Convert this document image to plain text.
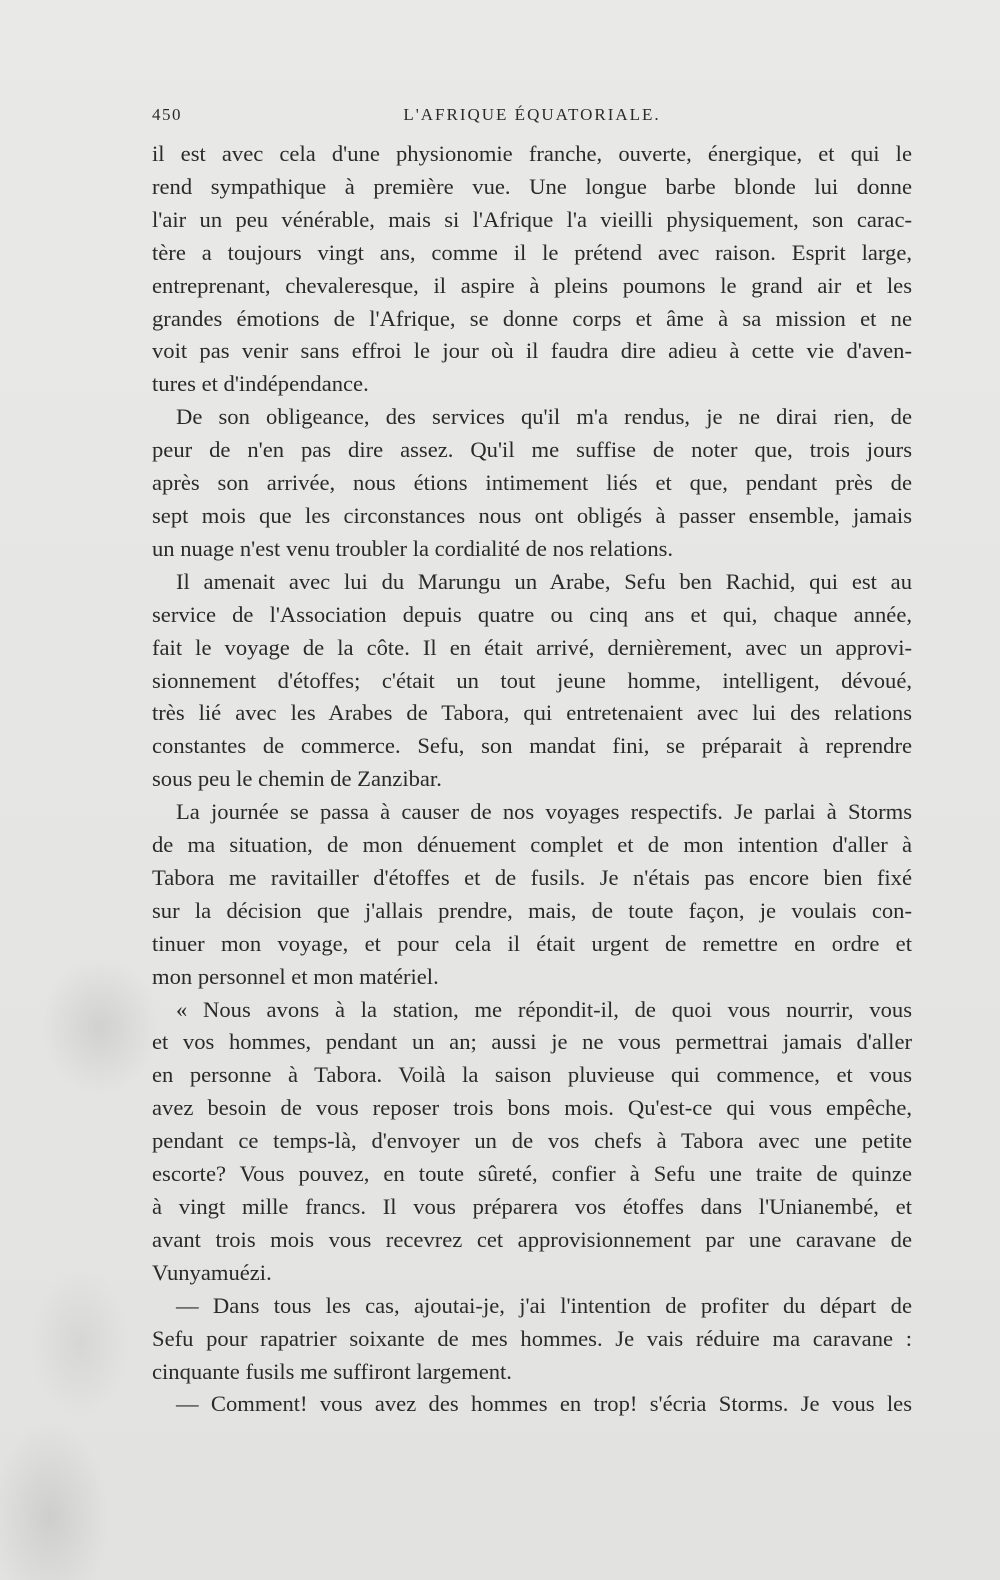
450	L'AFRIQUE ÉQUATORIALE.
il est avec cela d'une physionomie franche, ouverte, énergique, et qui le
rend sympathique à première vue. Une longue barbe blonde lui donne
l'air un peu vénérable, mais si l'Afrique l'a vieilli physiquement, son carac-
tère a toujours vingt ans, comme il le prétend avec raison. Esprit large,
entreprenant, chevaleresque, il aspire à pleins poumons le grand air et les
grandes émotions de l'Afrique, se donne corps et âme à sa mission et ne
voit pas venir sans effroi le jour où il faudra dire adieu à cette vie d'aven-
tures et d'indépendance.
De son obligeance, des services qu'il m'a rendus, je ne dirai rien, de
peur de n'en pas dire assez. Qu'il me suffise de noter que, trois jours
après son arrivée, nous étions intimement liés et que, pendant près de
sept mois que les circonstances nous ont obligés à passer ensemble, jamais
un nuage n'est venu troubler la cordialité de nos relations.
Il amenait avec lui du Marungu un Arabe, Sefu ben Rachid, qui est au
service de l'Association depuis quatre ou cinq ans et qui, chaque année,
fait le voyage de la côte. Il en était arrivé, dernièrement, avec un approvi-
sionnement d'étoffes; c'était un tout jeune homme, intelligent, dévoué,
très lié avec les Arabes de Tabora, qui entretenaient avec lui des relations
constantes de commerce. Sefu, son mandat fini, se préparait à reprendre
sous peu le chemin de Zanzibar.
La journée se passa à causer de nos voyages respectifs. Je parlai à Storms
de ma situation, de mon dénuement complet et de mon intention d'aller à
Tabora me ravitailler d'étoffes et de fusils. Je n'étais pas encore bien fixé
sur la décision que j'allais prendre, mais, de toute façon, je voulais con-
tinuer mon voyage, et pour cela il était urgent de remettre en ordre et
mon personnel et mon matériel.
« Nous avons à la station, me répondit-il, de quoi vous nourrir, vous
et vos hommes, pendant un an; aussi je ne vous permettrai jamais d'aller
en personne à Tabora. Voilà la saison pluvieuse qui commence, et vous
avez besoin de vous reposer trois bons mois. Qu'est-ce qui vous empêche,
pendant ce temps-là, d'envoyer un de vos chefs à Tabora avec une petite
escorte? Vous pouvez, en toute sûreté, confier à Sefu une traite de quinze
à vingt mille francs. Il vous préparera vos étoffes dans l'Unianembé, et
avant trois mois vous recevrez cet approvisionnement par une caravane de
Vunyamuézi.
— Dans tous les cas, ajoutai-je, j'ai l'intention de profiter du départ de
Sefu pour rapatrier soixante de mes hommes. Je vais réduire ma caravane :
cinquante fusils me suffiront largement.
— Comment! vous avez des hommes en trop! s'écria Storms. Je vous les
